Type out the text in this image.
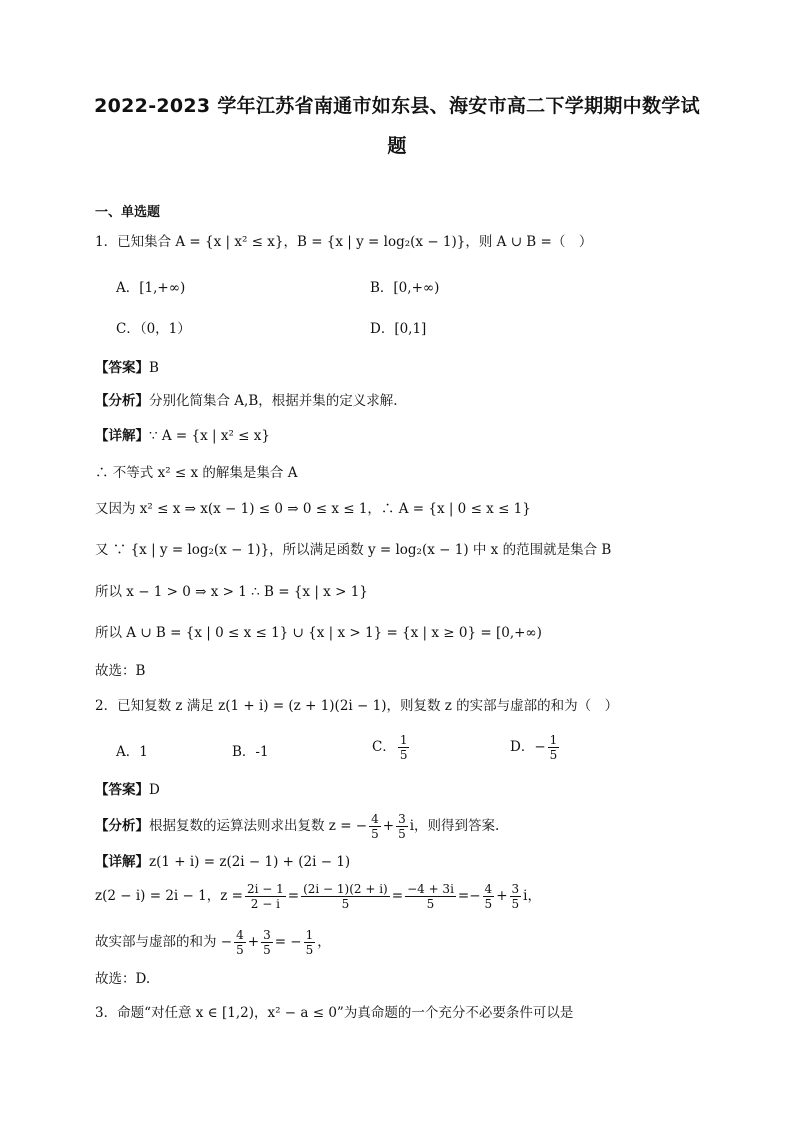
2022-2023 学年江苏省南通市如东县、海安市高二下学期期中数学试
题
一、单选题
1．已知集合 A = {x | x² ≤ x}，B = {x | y = log₂(x − 1)}，则 A ∪ B =（　）
A．[1,+∞)	B．[0,+∞)
C．（0，1）	D．[0,1]
【答案】B
【分析】分别化简集合 A,B，根据并集的定义求解.
【详解】∵ A = {x | x² ≤ x}
∴ 不等式 x² ≤ x 的解集是集合 A
又因为 x² ≤ x ⇒ x(x − 1) ≤ 0 ⇒ 0 ≤ x ≤ 1，∴ A = {x | 0 ≤ x ≤ 1}
又 ∵ {x | y = log₂(x − 1)}，所以满足函数 y = log₂(x − 1) 中 x 的范围就是集合 B
所以 x − 1 > 0 ⇒ x > 1 ∴ B = {x | x > 1}
所以 A ∪ B = {x | 0 ≤ x ≤ 1} ∪ {x | x > 1} = {x | x ≥ 0} = [0,+∞)
故选：B
2．已知复数 z 满足 z(1 + i) = (z + 1)(2i − 1)，则复数 z 的实部与虚部的和为（　）
A．1	B．-1	C． $\frac{1}{5}$	D．− $\frac{1}{5}$
【答案】D
【分析】根据复数的运算法则求出复数 z = − $\frac{4}{5} + \frac{3}{5}$ i，则得到答案.
【详解】z(1 + i) = z(2i − 1) + (2i − 1)
z(2 − i) = 2i − 1，$z = \frac{2i - 1}{2 - i} = \frac{(2i - 1)(2 + i)}{5} = \frac{-4 + 3i}{5} =- \frac{4}{5} + \frac{3}{5}$ i，
故实部与虚部的和为 − $\frac{4}{5} + \frac{3}{5}$ = − $\frac{1}{5}$ ，
故选：D.
3．命题“对任意 x ∈ [1,2)，x² − a ≤ 0”为真命题的一个充分不必要条件可以是
